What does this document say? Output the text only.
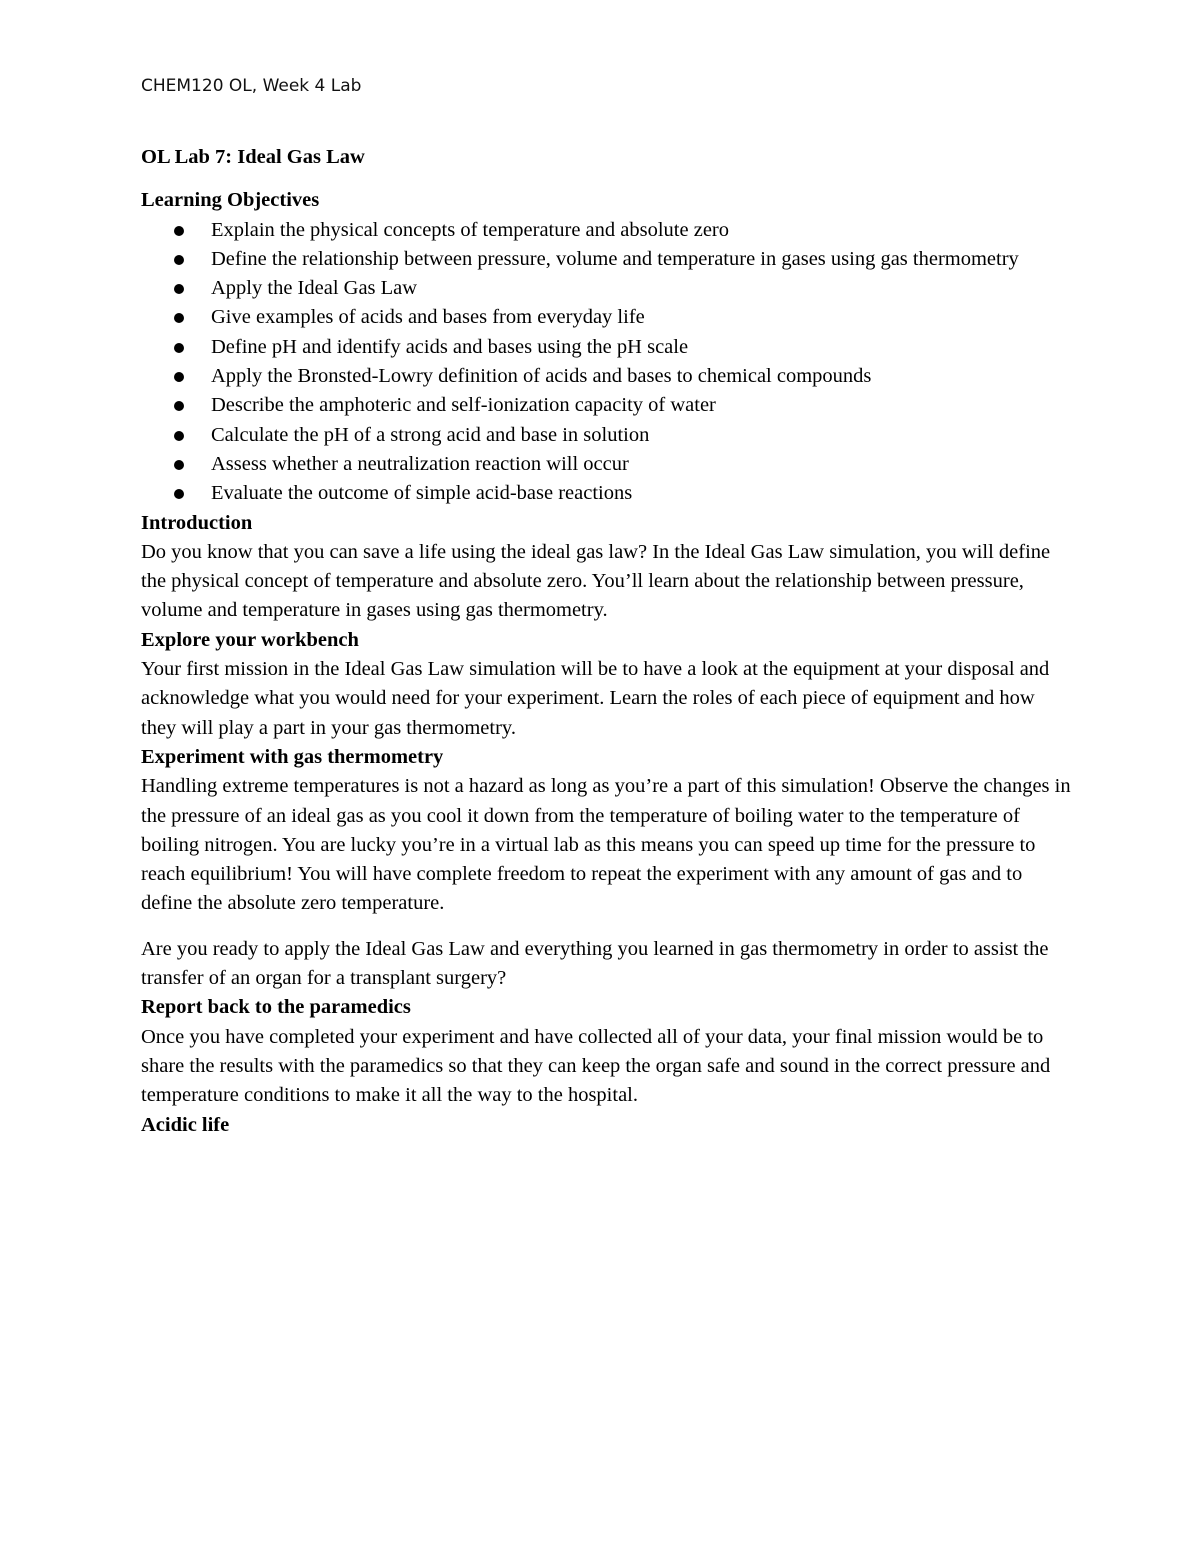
CHEM120 OL, Week 4 Lab
OL Lab 7: Ideal Gas Law
Learning Objectives
Explain the physical concepts of temperature and absolute zero
Define the relationship between pressure, volume and temperature in gases using gas thermometry
Apply the Ideal Gas Law
Give examples of acids and bases from everyday life
Define pH and identify acids and bases using the pH scale
Apply the Bronsted-Lowry definition of acids and bases to chemical compounds
Describe the amphoteric and self-ionization capacity of water
Calculate the pH of a strong acid and base in solution
Assess whether a neutralization reaction will occur
Evaluate the outcome of simple acid-base reactions
Introduction

Do you know that you can save a life using the ideal gas law? In the Ideal Gas Law simulation, you will define the physical concept of temperature and absolute zero. You’ll learn about the relationship between pressure, volume and temperature in gases using gas thermometry.

Explore your workbench

Your first mission in the Ideal Gas Law simulation will be to have a look at the equipment at your disposal and acknowledge what you would need for your experiment. Learn the roles of each piece of equipment and how they will play a part in your gas thermometry.

Experiment with gas thermometry

Handling extreme temperatures is not a hazard as long as you’re a part of this simulation! Observe the changes in the pressure of an ideal gas as you cool it down from the temperature of boiling water to the temperature of boiling nitrogen. You are lucky you’re in a virtual lab as this means you can speed up time for the pressure to reach equilibrium! You will have complete freedom to repeat the experiment with any amount of gas and to define the absolute zero temperature.

Are you ready to apply the Ideal Gas Law and everything you learned in gas thermometry in order to assist the transfer of an organ for a transplant surgery?

Report back to the paramedics

Once you have completed your experiment and have collected all of your data, your final mission would be to share the results with the paramedics so that they can keep the organ safe and sound in the correct pressure and temperature conditions to make it all the way to the hospital.

Acidic life
